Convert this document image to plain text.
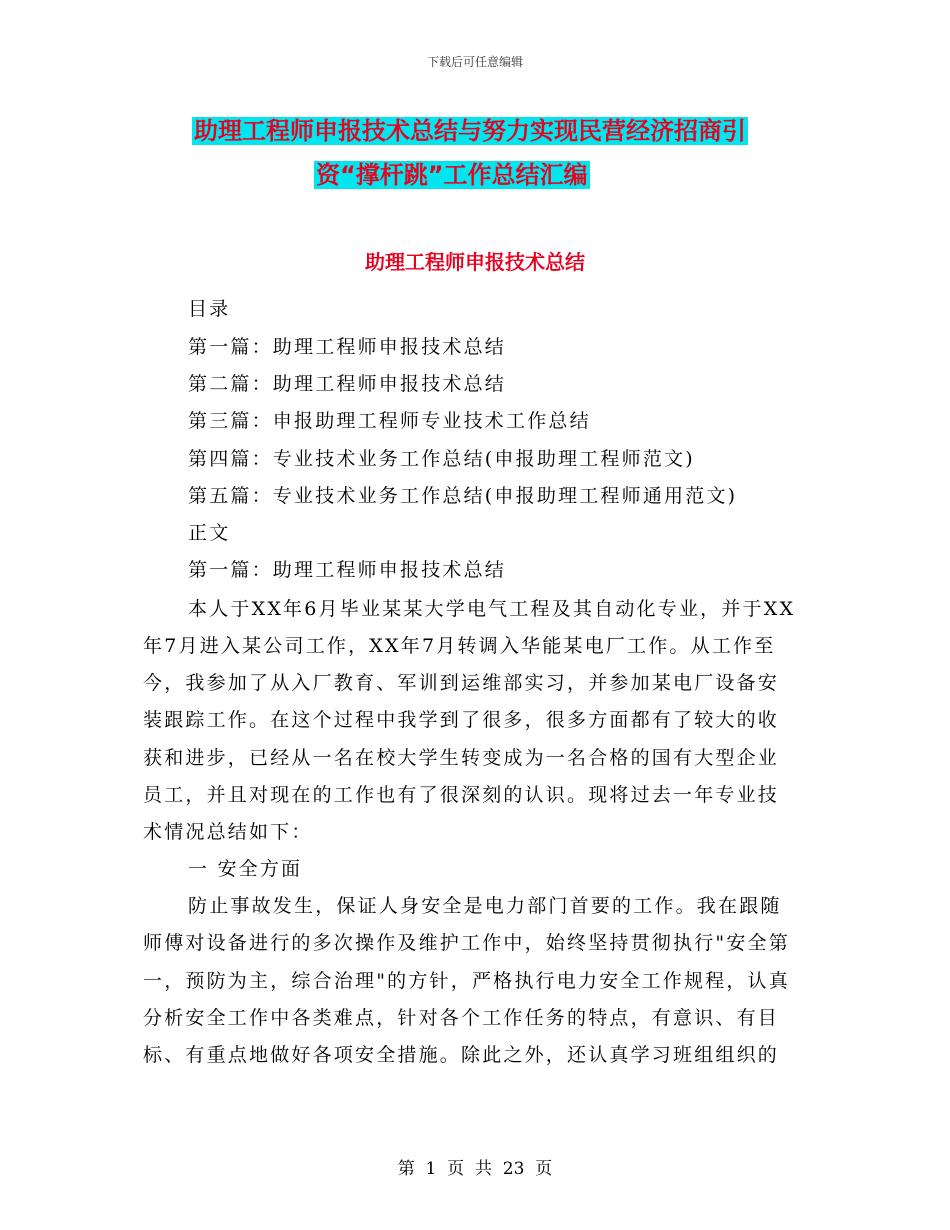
下载后可任意编辑
助理工程师申报技术总结与努力实现民营经济招商引
资“撑杆跳”工作总结汇编
助理工程师申报技术总结
目录
第一篇：助理工程师申报技术总结
第二篇：助理工程师申报技术总结
第三篇：申报助理工程师专业技术工作总结
第四篇：专业技术业务工作总结(申报助理工程师范文)
第五篇：专业技术业务工作总结(申报助理工程师通用范文)
正文
第一篇：助理工程师申报技术总结
本人于XX年6月毕业某某大学电气工程及其自动化专业，并于XX
年7月进入某公司工作，XX年7月转调入华能某电厂工作。从工作至
今，我参加了从入厂教育、军训到运维部实习，并参加某电厂设备安
装跟踪工作。在这个过程中我学到了很多，很多方面都有了较大的收
获和进步，已经从一名在校大学生转变成为一名合格的国有大型企业
员工，并且对现在的工作也有了很深刻的认识。现将过去一年专业技
术情况总结如下：
一 安全方面
防止事故发生，保证人身安全是电力部门首要的工作。我在跟随
师傅对设备进行的多次操作及维护工作中，始终坚持贯彻执行"安全第
一，预防为主，综合治理"的方针，严格执行电力安全工作规程，认真
分析安全工作中各类难点，针对各个工作任务的特点，有意识、有目
标、有重点地做好各项安全措施。除此之外，还认真学习班组组织的
第  1  页  共  23  页
